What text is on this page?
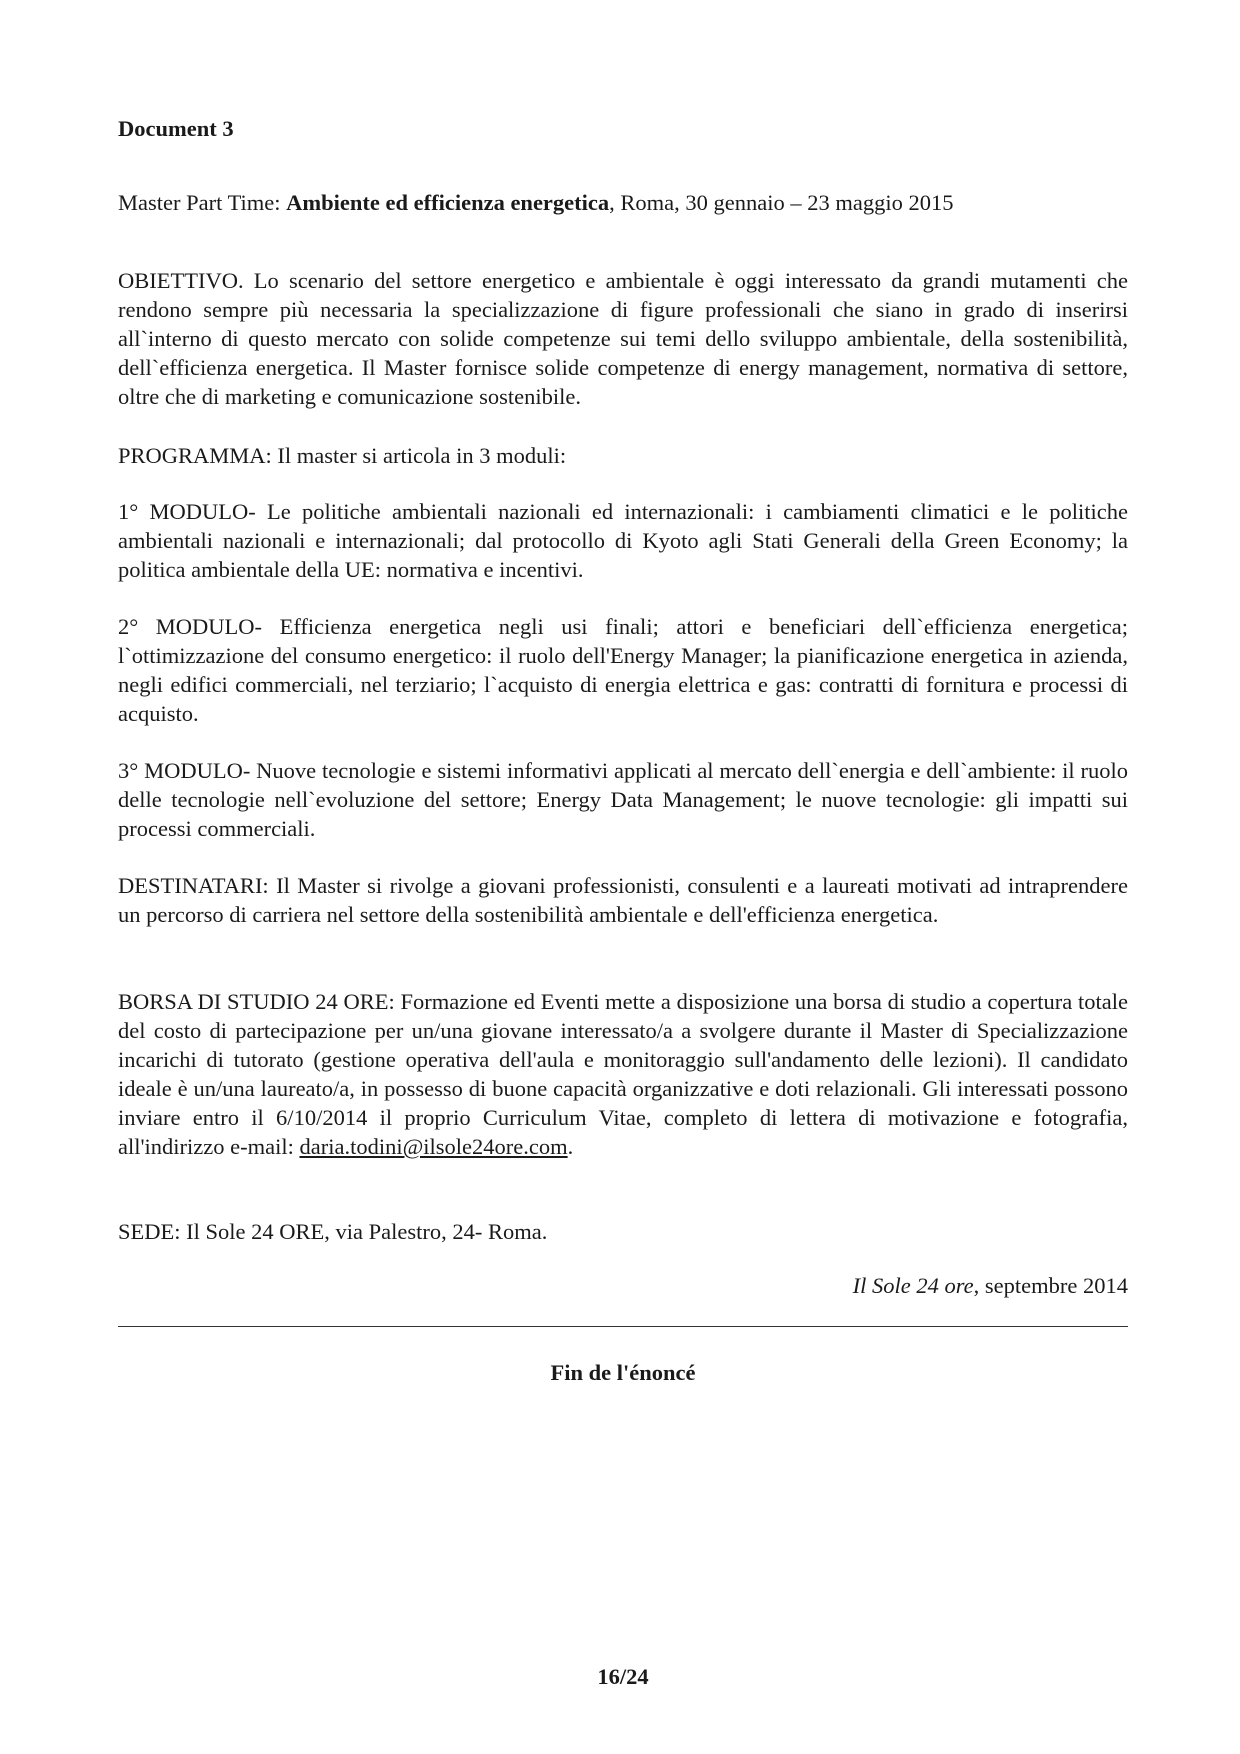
Document 3

Master Part Time: Ambiente ed efficienza energetica, Roma, 30 gennaio – 23 maggio 2015

OBIETTIVO. Lo scenario del settore energetico e ambientale è oggi interessato da grandi mutamenti che rendono sempre più necessaria la specializzazione di figure professionali che siano in grado di inserirsi all`interno di questo mercato con solide competenze sui temi dello sviluppo ambientale, della sostenibilità, dell`efficienza energetica. Il Master fornisce solide competenze di energy management, normativa di settore, oltre che di marketing e comunicazione sostenibile.

PROGRAMMA: Il master si articola in 3 moduli:

1° MODULO- Le politiche ambientali nazionali ed internazionali: i cambiamenti climatici e le politiche ambientali nazionali e internazionali; dal protocollo di Kyoto agli Stati Generali della Green Economy; la politica ambientale della UE: normativa e incentivi.

2° MODULO- Efficienza energetica negli usi finali; attori e beneficiari dell`efficienza energetica; l`ottimizzazione del consumo energetico: il ruolo dell'Energy Manager; la pianificazione energetica in azienda, negli edifici commerciali, nel terziario; l`acquisto di energia elettrica e gas: contratti di fornitura e processi di acquisto.

3° MODULO- Nuove tecnologie e sistemi informativi applicati al mercato dell`energia e dell`ambiente: il ruolo delle tecnologie nell`evoluzione del settore; Energy Data Management; le nuove tecnologie: gli impatti sui processi commerciali.

DESTINATARI: Il Master si rivolge a giovani professionisti, consulenti e a laureati motivati ad intraprendere un percorso di carriera nel settore della sostenibilità ambientale e dell'efficienza energetica.

BORSA DI STUDIO 24 ORE: Formazione ed Eventi mette a disposizione una borsa di studio a copertura totale del costo di partecipazione per un/una giovane interessato/a a svolgere durante il Master di Specializzazione incarichi di tutorato (gestione operativa dell'aula e monitoraggio sull'andamento delle lezioni). Il candidato ideale è un/una laureato/a, in possesso di buone capacità organizzative e doti relazionali. Gli interessati possono inviare entro il 6/10/2014 il proprio Curriculum Vitae, completo di lettera di motivazione e fotografia, all'indirizzo e-mail: daria.todini@ilsole24ore.com.

SEDE: Il Sole 24 ORE, via Palestro, 24- Roma.

Il Sole 24 ore, septembre 2014

Fin de l'énoncé

16/24
